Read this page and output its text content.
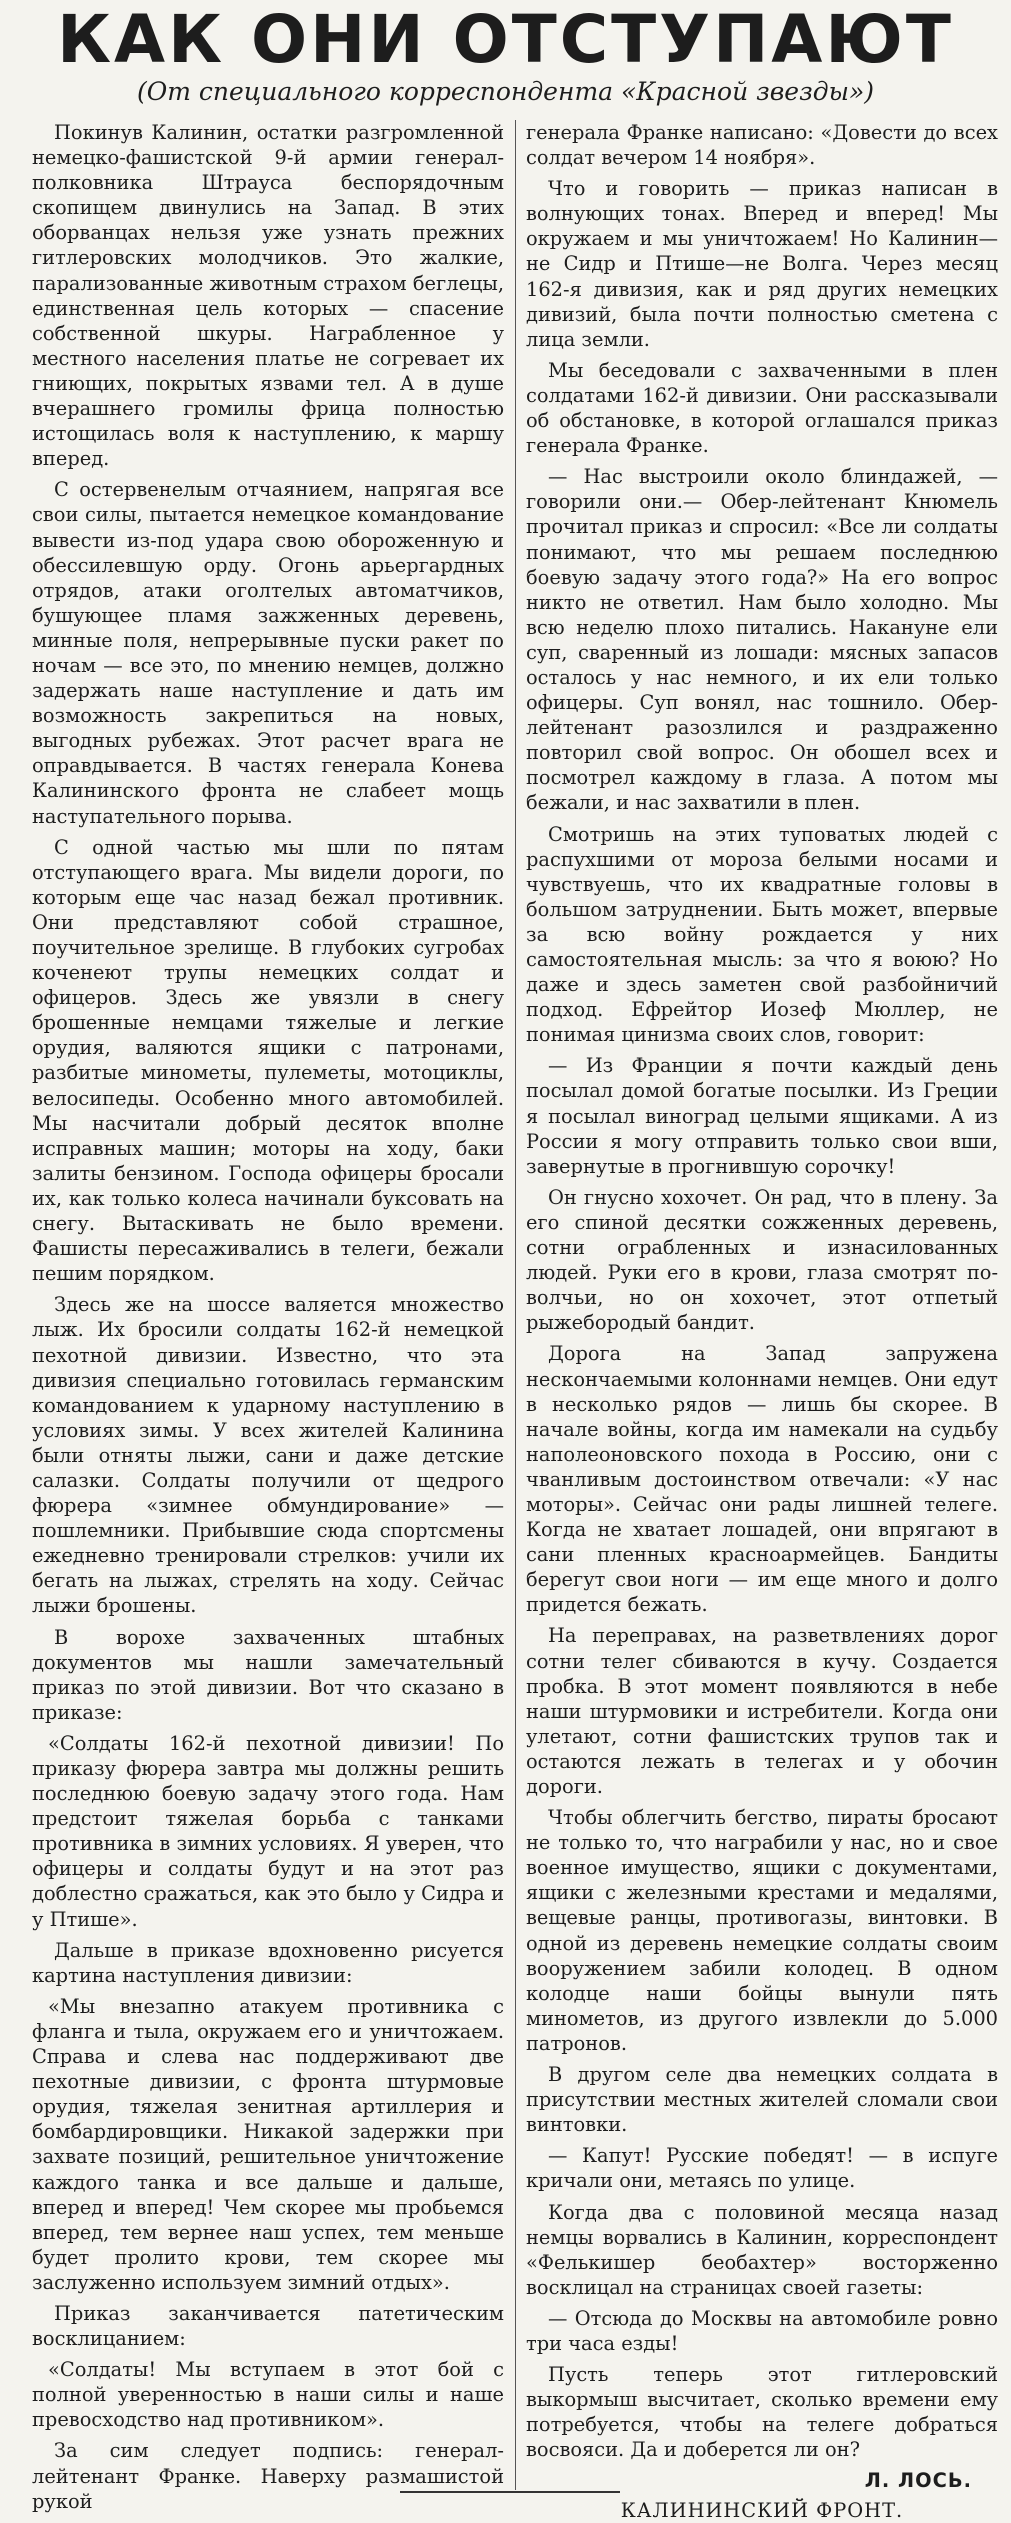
КАК ОНИ ОТСТУПАЮТ
(От специального корреспондента «Красной звезды»)

Покинув Калинин, остатки разгромленной немецко-фашистской 9-й армии генерал-полковника Штрауса беспорядочным скопищем двинулись на Запад. В этих оборванцах нельзя уже узнать прежних гитлеровских молодчиков. Это жалкие, парализованные животным страхом беглецы, единственная цель которых — спасение собственной шкуры. Награбленное у местного населения платье не согревает их гниющих, покрытых язвами тел. А в душе вчерашнего громилы фрица полностью истощилась воля к наступлению, к маршу вперед.

С остервенелым отчаянием, напрягая все свои силы, пытается немецкое командование вывести из-под удара свою обороженную и обессилевшую орду. Огонь арьергардных отрядов, атаки оголтелых автоматчиков, бушующее пламя зажженных деревень, минные поля, непрерывные пуски ракет по ночам — все это, по мнению немцев, должно задержать наше наступление и дать им возможность закрепиться на новых, выгодных рубежах. Этот расчет врага не оправдывается. В частях генерала Конева Калининского фронта не слабеет мощь наступательного порыва.

С одной частью мы шли по пятам отступающего врага. Мы видели дороги, по которым еще час назад бежал противник. Они представляют собой страшное, поучительное зрелище. В глубоких сугробах коченеют трупы немецких солдат и офицеров. Здесь же увязли в снегу брошенные немцами тяжелые и легкие орудия, валяются ящики с патронами, разбитые минометы, пулеметы, мотоциклы, велосипеды. Особенно много автомобилей. Мы насчитали добрый десяток вполне исправных машин; моторы на ходу, баки залиты бензином. Господа офицеры бросали их, как только колеса начинали буксовать на снегу. Вытаскивать не было времени. Фашисты пересаживались в телеги, бежали пешим порядком.

Здесь же на шоссе валяется множество лыж. Их бросили солдаты 162-й немецкой пехотной дивизии. Известно, что эта дивизия специально готовилась германским командованием к ударному наступлению в условиях зимы. У всех жителей Калинина были отняты лыжи, сани и даже детские салазки. Солдаты получили от щедрого фюрера «зимнее обмундирование» — пошлемники. Прибывшие сюда спортсмены ежедневно тренировали стрелков: учили их бегать на лыжах, стрелять на ходу. Сейчас лыжи брошены.

В ворохе захваченных штабных документов мы нашли замечательный приказ по этой дивизии. Вот что сказано в приказе:

«Солдаты 162-й пехотной дивизии! По приказу фюрера завтра мы должны решить последнюю боевую задачу этого года. Нам предстоит тяжелая борьба с танками противника в зимних условиях. Я уверен, что офицеры и солдаты будут и на этот раз доблестно сражаться, как это было у Сидра и у Птише».

Дальше в приказе вдохновенно рисуется картина наступления дивизии:

«Мы внезапно атакуем противника с фланга и тыла, окружаем его и уничтожаем. Справа и слева нас поддерживают две пехотные дивизии, с фронта штурмовые орудия, тяжелая зенитная артиллерия и бомбардировщики. Никакой задержки при захвате позиций, решительное уничтожение каждого танка и все дальше и дальше, вперед и вперед! Чем скорее мы пробьемся вперед, тем вернее наш успех, тем меньше будет пролито крови, тем скорее мы заслуженно используем зимний отдых».

Приказ заканчивается патетическим восклицанием:

«Солдаты! Мы вступаем в этот бой с полной уверенностью в наши силы и наше превосходство над противником».

За сим следует подпись: генерал-лейтенант Франке. Наверху размашистой рукой

генерала Франке написано: «Довести до всех солдат вечером 14 ноября».

Что и говорить — приказ написан в волнующих тонах. Вперед и вперед! Мы окружаем и мы уничтожаем! Но Калинин—не Сидр и Птише—не Волга. Через месяц 162-я дивизия, как и ряд других немецких дивизий, была почти полностью сметена с лица земли.

Мы беседовали с захваченными в плен солдатами 162-й дивизии. Они рассказывали об обстановке, в которой оглашался приказ генерала Франке.

— Нас выстроили около блиндажей, — говорили они.— Обер-лейтенант Кнюмель прочитал приказ и спросил: «Все ли солдаты понимают, что мы решаем последнюю боевую задачу этого года?» На его вопрос никто не ответил. Нам было холодно. Мы всю неделю плохо питались. Накануне ели суп, сваренный из лошади: мясных запасов осталось у нас немного, и их ели только офицеры. Суп вонял, нас тошнило. Обер-лейтенант разозлился и раздраженно повторил свой вопрос. Он обошел всех и посмотрел каждому в глаза. А потом мы бежали, и нас захватили в плен.

Смотришь на этих туповатых людей с распухшими от мороза белыми носами и чувствуешь, что их квадратные головы в большом затруднении. Быть может, впервые за всю войну рождается у них самостоятельная мысль: за что я воюю? Но даже и здесь заметен свой разбойничий подход. Ефрейтор Иозеф Мюллер, не понимая цинизма своих слов, говорит:

— Из Франции я почти каждый день посылал домой богатые посылки. Из Греции я посылал виноград целыми ящиками. А из России я могу отправить только свои вши, завернутые в прогнившую сорочку!

Он гнусно хохочет. Он рад, что в плену. За его спиной десятки сожженных деревень, сотни ограбленных и изнасилованных людей. Руки его в крови, глаза смотрят по-волчьи, но он хохочет, этот отпетый рыжебородый бандит.

Дорога на Запад запружена нескончаемыми колоннами немцев. Они едут в несколько рядов — лишь бы скорее. В начале войны, когда им намекали на судьбу наполеоновского похода в Россию, они с чванливым достоинством отвечали: «У нас моторы». Сейчас они рады лишней телеге. Когда не хватает лошадей, они впрягают в сани пленных красноармейцев. Бандиты берегут свои ноги — им еще много и долго придется бежать.

На переправах, на разветвлениях дорог сотни телег сбиваются в кучу. Создается пробка. В этот момент появляются в небе наши штурмовики и истребители. Когда они улетают, сотни фашистских трупов так и остаются лежать в телегах и у обочин дороги.

Чтобы облегчить бегство, пираты бросают не только то, что награбили у нас, но и свое военное имущество, ящики с документами, ящики с железными крестами и медалями, вещевые ранцы, противогазы, винтовки. В одной из деревень немецкие солдаты своим вооружением забили колодец. В одном колодце наши бойцы вынули пять минометов, из другого извлекли до 5.000 патронов.

В другом селе два немецких солдата в присутствии местных жителей сломали свои винтовки.

— Капут! Русские победят! — в испуге кричали они, метаясь по улице.

Когда два с половиной месяца назад немцы ворвались в Калинин, корреспондент «Фелькишер беобахтер» восторженно восклицал на страницах своей газеты:

— Отсюда до Москвы на автомобиле ровно три часа езды!

Пусть теперь этот гитлеровский выкормыш высчитает, сколько времени ему потребуется, чтобы на телеге добраться восвояси. Да и доберется ли он?

Л. ЛОСЬ.
КАЛИНИНСКИЙ ФРОНТ.
